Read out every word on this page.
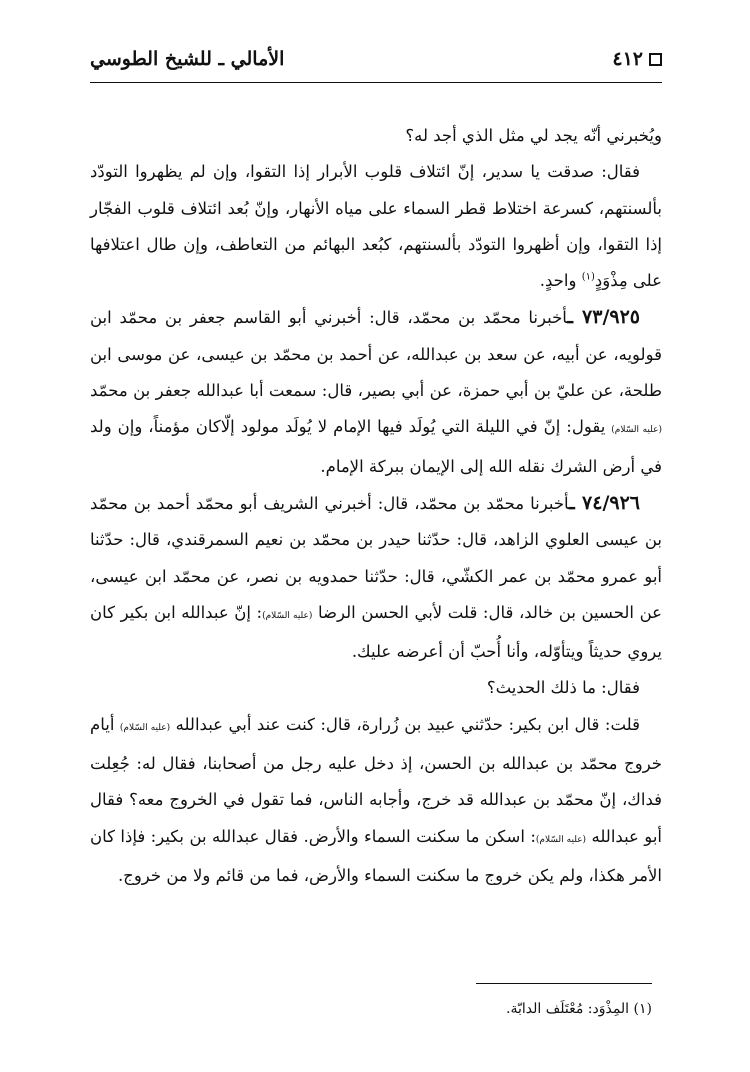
٤١٢
الأمالي ـ للشيخ الطوسي

ويُخبرني أنّه يجد لي مثل الذي أجد له؟

فقال: صدقت يا سدير، إنّ ائتلاف قلوب الأبرار إذا التقوا، وإن لم يظهروا التودّد بألسنتهم، كسرعة اختلاط قطر السماء على مياه الأنهار، وإنّ بُعد ائتلاف قلوب الفجّار إذا التقوا، وإن أظهروا التودّد بألسنتهم، كبُعد البهائم من التعاطف، وإن طال اعتلافها على مِذْوَدٍ$^{(١)}$ واحدٍ.

٧٣/٩٢٥ ـأخبرنا محمّد بن محمّد، قال: أخبرني أبو القاسم جعفر بن محمّد ابن قولويه، عن أبيه، عن سعد بن عبدالله، عن أحمد بن محمّد بن عيسى، عن موسى ابن طلحة، عن عليّ بن أبي حمزة، عن أبي بصير، قال: سمعت أبا عبدالله جعفر بن محمّد (عليه السّلام) يقول: إنّ في الليلة التي يُولَد فيها الإمام لا يُولَد مولود إلّاكان مؤمناً، وإن ولد في أرض الشرك نقله الله إلى الإيمان ببركة الإمام.

٧٤/٩٢٦ ـأخبرنا محمّد بن محمّد، قال: أخبرني الشريف أبو محمّد أحمد بن محمّد بن عيسى العلوي الزاهد، قال: حدّثنا حيدر بن محمّد بن نعيم السمرقندي، قال: حدّثنا أبو عمرو محمّد بن عمر الكشّي، قال: حدّثنا حمدويه بن نصر، عن محمّد ابن عيسى، عن الحسين بن خالد، قال: قلت لأبي الحسن الرضا (عليه السّلام): إنّ عبدالله ابن بكير كان يروي حديثاً ويتأوّله، وأنا أُحبّ أن أعرضه عليك.

فقال: ما ذلك الحديث؟

قلت: قال ابن بكير: حدّثني عبيد بن زُرارة، قال: كنت عند أبي عبدالله (عليه السّلام) أيام خروج محمّد بن عبدالله بن الحسن، إذ دخل عليه رجل من أصحابنا، فقال له: جُعِلت فداك، إنّ محمّد بن عبدالله قد خرج، وأجابه الناس، فما تقول في الخروج معه؟ فقال أبو عبدالله (عليه السّلام): اسكن ما سكنت السماء والأرض. فقال عبدالله بن بكير: فإذا كان الأمر هكذا، ولم يكن خروج ما سكنت السماء والأرض، فما من قائم ولا من خروج.

(١) المِذْوَد: مُعْتَلَف الدابّة.
